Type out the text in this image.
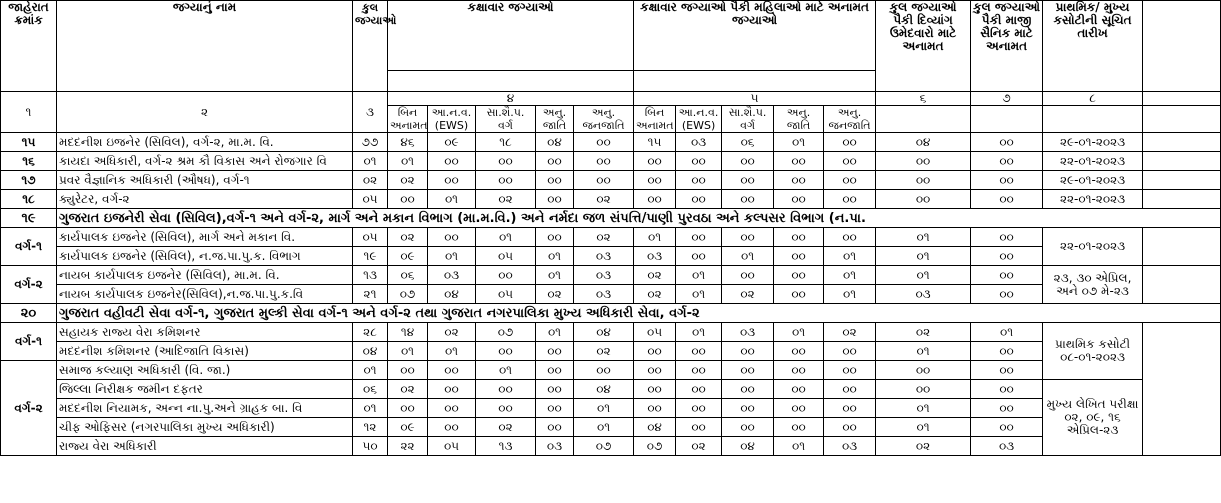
જાહેરાત ક્રમાંક	જગ્યાનું નામ	કુલ જગ્યાઓ	કક્ષાવાર જગ્યાઓ					કક્ષાવાર જગ્યાઓ પૈકી મહિલાઓ માટે અનામત જગ્યાઓ					કુલ જગ્યાઓ પૈકી દિવ્યાંગ ઉમેદવારો માટે અનામત	કુલ જગ્યાઓ પૈકી માજી સૈનિક માટે અનામત	પ્રાથમિક/ મુખ્ય કસોટીની સૂચિત તારીખ	

૧	૨	૩	૪					૫					૬	૭	૮	
			બિન અનામત	આ.ન.વ. (EWS)	સા.શૈ.પ. વર્ગ	અનુ. જાતિ	અનુ. જનજાતિ	બિન અનામત	આ.ન.વ. (EWS)	સા.શૈ.પ. વર્ગ	અનુ. જાતિ	અનુ. જનજાતિ				
૧૫	મદદનીશ ઇજનેર (સિવિલ), વર્ગ-૨, મા.મ. વિ.	૭૭	૪૬	૦૯	૧૮	૦૪	૦૦	૧૫	૦૩	૦૬	૦૧	૦૦	૦૪	૦૦	૨૯-૦૧-૨૦૨૩	
૧૬	કાયદા અધિકારી, વર્ગ-૨ શ્રમ કૌ વિકાસ અને રોજગાર વિ	૦૧	૦૧	૦૦	૦૦	૦૦	૦૦	૦૦	૦૦	૦૦	૦૦	૦૦	૦૦	૦૦	૨૨-૦૧-૨૦૨૩	
૧૭	પ્રવર વૈજ્ઞાનિક અધિકારી (ઔષધ), વર્ગ-૧	૦૨	૦૨	૦૦	૦૦	૦૦	૦૦	૦૦	૦૦	૦૦	૦૦	૦૦	૦૦	૦૦	૨૯-૦૧-૨૦૨૩	
૧૮	ક્યુરેટર, વર્ગ-૨	૦૫	૦૦	૦૧	૦૨	૦૦	૦૨	૦૦	૦૦	૦૦	૦૦	૦૦	૦૦	૦૦	૨૨-૦૧-૨૦૨૩	
૧૯	ગુજરાત ઇજનેરી સેવા (સિવિલ),વર્ગ-૧ અને વર્ગ-૨, માર્ગ અને મકાન વિભાગ (મા.મ.વિ.) અને નર્મદા જળ સંપત્તિ/પાણી પુરવઠા અને કલ્પસર વિભાગ (ન.પા.															
વર્ગ-૧	કાર્યપાલક ઇજનેર (સિવિલ), માર્ગ અને મકાન વિ.	૦૫	૦૨	૦૦	૦૧	૦૦	૦૨	૦૧	૦૦	૦૦	૦૦	૦૦	૦૧	૦૦	૨૨-૦૧-૨૦૨૩	
	કાર્યપાલક ઇજનેર (સિવિલ), ન.જ.પા.પુ.ક. વિભાગ	૧૯	૦૯	૦૧	૦૫	૦૧	૦૩	૦૩	૦૦	૦૧	૦૦	૦૧	૦૧	૦૦		
વર્ગ-૨	નાયબ કાર્યપાલક ઇજનેર (સિવિલ), મા.મ. વિ.	૧૩	૦૬	૦૩	૦૦	૦૧	૦૩	૦૨	૦૧	૦૦	૦૦	૦૧	૦૧	૦૦	૨૩, ૩૦ એપ્રિલ, અને ૦૭ મે-૨૩	
	નાયબ કાર્યપાલક ઇજનેર(સિવિલ),ન.જ.પા.પુ.ક.વિ	૨૧	૦૭	૦૪	૦૫	૦૨	૦૩	૦૨	૦૧	૦૨	૦૦	૦૧	૦૩	૦૦		
૨૦	ગુજરાત વહીવટી સેવા વર્ગ-૧, ગુજરાત મુલ્કી સેવા વર્ગ-૧ અને વર્ગ-૨ તથા ગુજરાત નગરપાલિકા મુખ્ય અધિકારી સેવા, વર્ગ-૨															
વર્ગ-૧	સહાયક રાજ્ય વેરા કમિશનર	૨૮	૧૪	૦૨	૦૭	૦૧	૦૪	૦૫	૦૧	૦૩	૦૧	૦૨	૦૨	૦૧	પ્રાથમિક કસોટી ૦૮-૦૧-૨૦૨૩	
	મદદનીશ કમિશનર (આદિજાતિ વિકાસ)	૦૪	૦૧	૦૧	૦૦	૦૦	૦૨	૦૦	૦૦	૦૦	૦૦	૦૦	૦૧	૦૦		
વર્ગ-૨	સમાજ કલ્યાણ અધિકારી (વિ. જા.)	૦૧	૦૦	૦૦	૦૧	૦૦	૦૦	૦૦	૦૦	૦૦	૦૦	૦૦	૦૦	૦૦		
	જિલ્લા નિરીક્ષક જમીન દફતર	૦૬	૦૨	૦૦	૦૦	૦૦	૦૪	૦૦	૦૦	૦૦	૦૦	૦૦	૦૦	૦૦	મુખ્ય લેખિત પરીક્ષા ૦૨, ૦૯, ૧૬ એપ્રિલ-૨૩	
	મદદનીશ નિયામક, અન્ન ના.પુ.અને ગ્રાહક બા. વિ	૦૧	૦૦	૦૦	૦૦	૦૦	૦૧	૦૦	૦૦	૦૦	૦૦	૦૦	૦૧	૦૦		
	ચીફ ઓફિસર (નગરપાલિકા મુખ્ય અધિકારી)	૧૨	૦૯	૦૦	૦૨	૦૦	૦૧	૦૪	૦૦	૦૦	૦૦	૦૦	૦૧	૦૦		
	રાજ્ય વેરા અધિકારી	૫૦	૨૨	૦૫	૧૩	૦૩	૦૭	૦૭	૦૨	૦૪	૦૧	૦૩	૦૨	૦૩		
